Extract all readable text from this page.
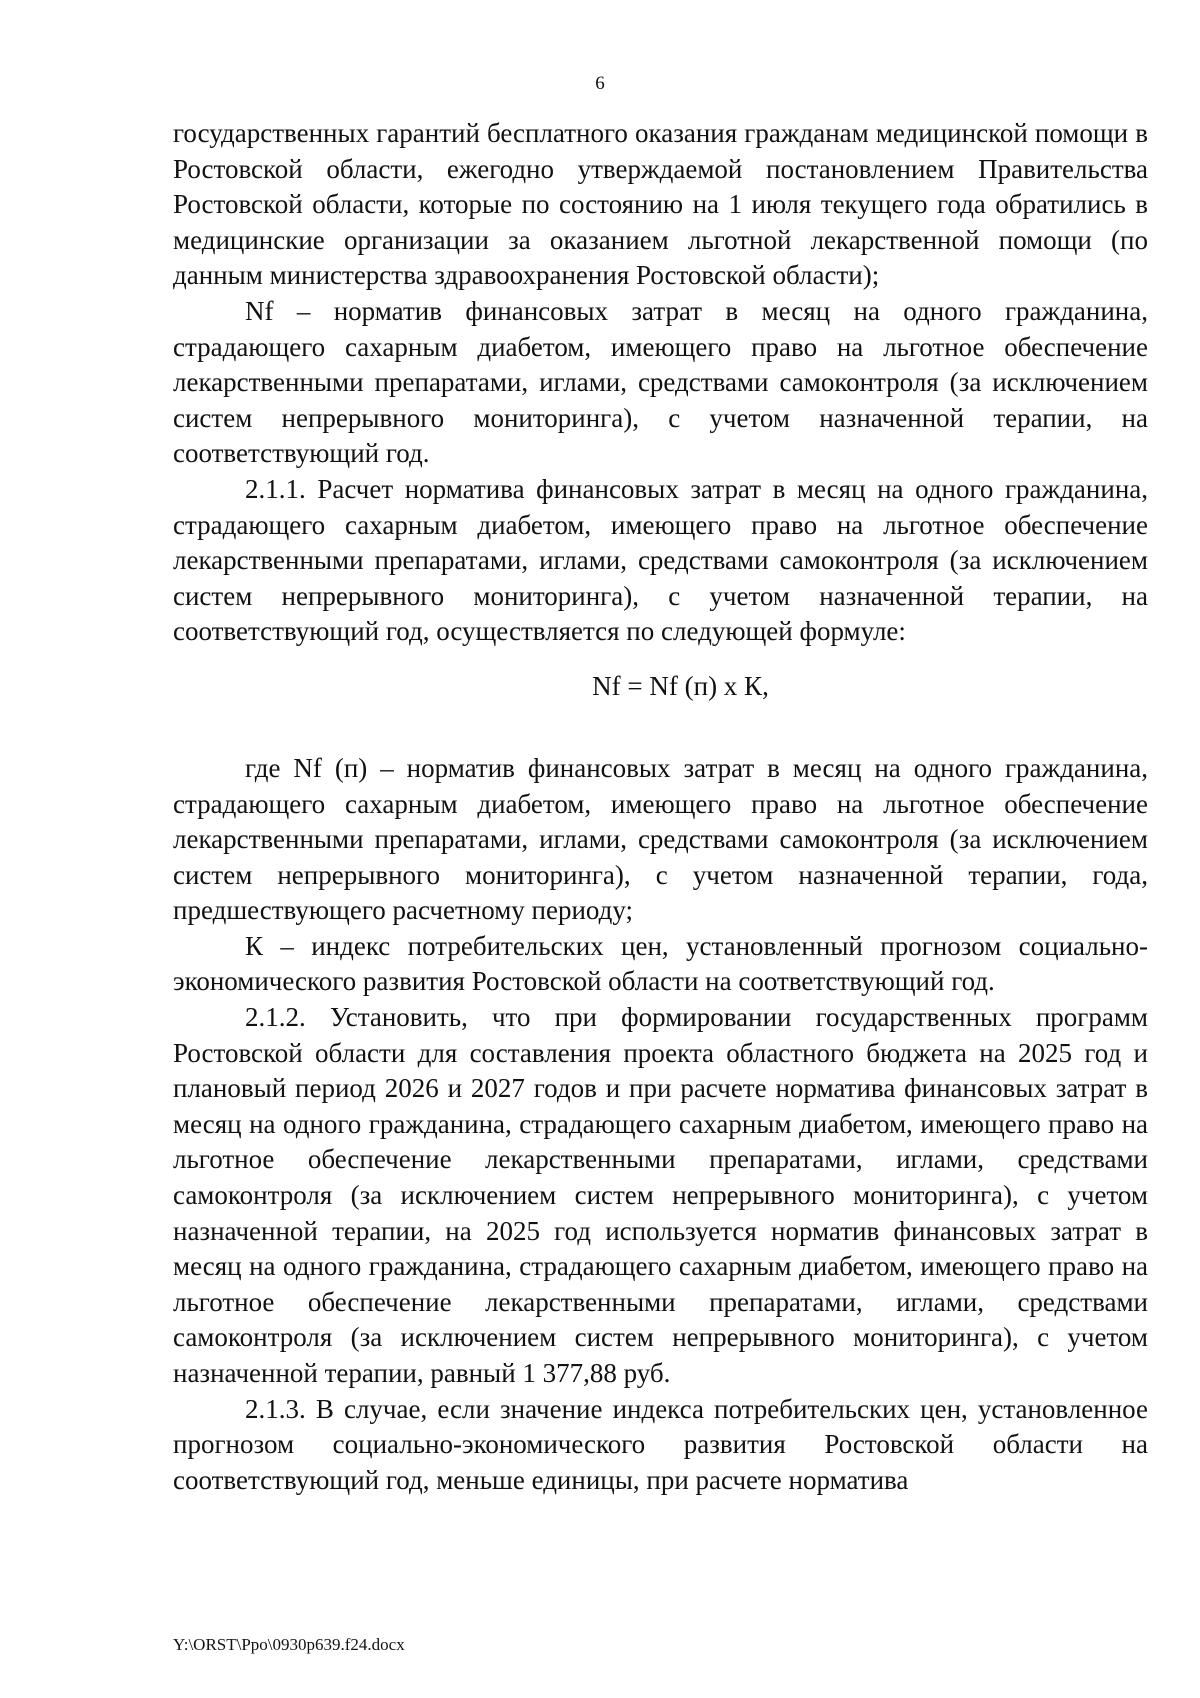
6

государственных гарантий бесплатного оказания гражданам медицинской помощи в Ростовской области, ежегодно утверждаемой постановлением Правительства Ростовской области, которые по состоянию на 1 июля текущего года обратились в медицинские организации за оказанием льготной лекарственной помощи (по данным министерства здравоохранения Ростовской области);

Nf – норматив финансовых затрат в месяц на одного гражданина, страдающего сахарным диабетом, имеющего право на льготное обеспечение лекарственными препаратами, иглами, средствами самоконтроля (за исключением систем непрерывного мониторинга), с учетом назначенной терапии, на соответствующий год.

2.1.1. Расчет норматива финансовых затрат в месяц на одного гражданина, страдающего сахарным диабетом, имеющего право на льготное обеспечение лекарственными препаратами, иглами, средствами самоконтроля (за исключением систем непрерывного мониторинга), с учетом назначенной терапии, на соответствующий год, осуществляется по следующей формуле:

Nf = Nf (п) x К,

где Nf (п) – норматив финансовых затрат в месяц на одного гражданина, страдающего сахарным диабетом, имеющего право на льготное обеспечение лекарственными препаратами, иглами, средствами самоконтроля (за исключением систем непрерывного мониторинга), с учетом назначенной терапии, года, предшествующего расчетному периоду;

К – индекс потребительских цен, установленный прогнозом социально-экономического развития Ростовской области на соответствующий год.

2.1.2. Установить, что при формировании государственных программ Ростовской области для составления проекта областного бюджета на 2025 год и плановый период 2026 и 2027 годов и при расчете норматива финансовых затрат в месяц на одного гражданина, страдающего сахарным диабетом, имеющего право на льготное обеспечение лекарственными препаратами, иглами, средствами самоконтроля (за исключением систем непрерывного мониторинга), с учетом назначенной терапии, на 2025 год используется норматив финансовых затрат в месяц на одного гражданина, страдающего сахарным диабетом, имеющего право на льготное обеспечение лекарственными препаратами, иглами, средствами самоконтроля (за исключением систем непрерывного мониторинга), с учетом назначенной терапии, равный 1 377,88 руб.

2.1.3. В случае, если значение индекса потребительских цен, установленное прогнозом социально-экономического развития Ростовской области на соответствующий год, меньше единицы, при расчете норматива

Y:\ORST\Ppo\0930p639.f24.docx
